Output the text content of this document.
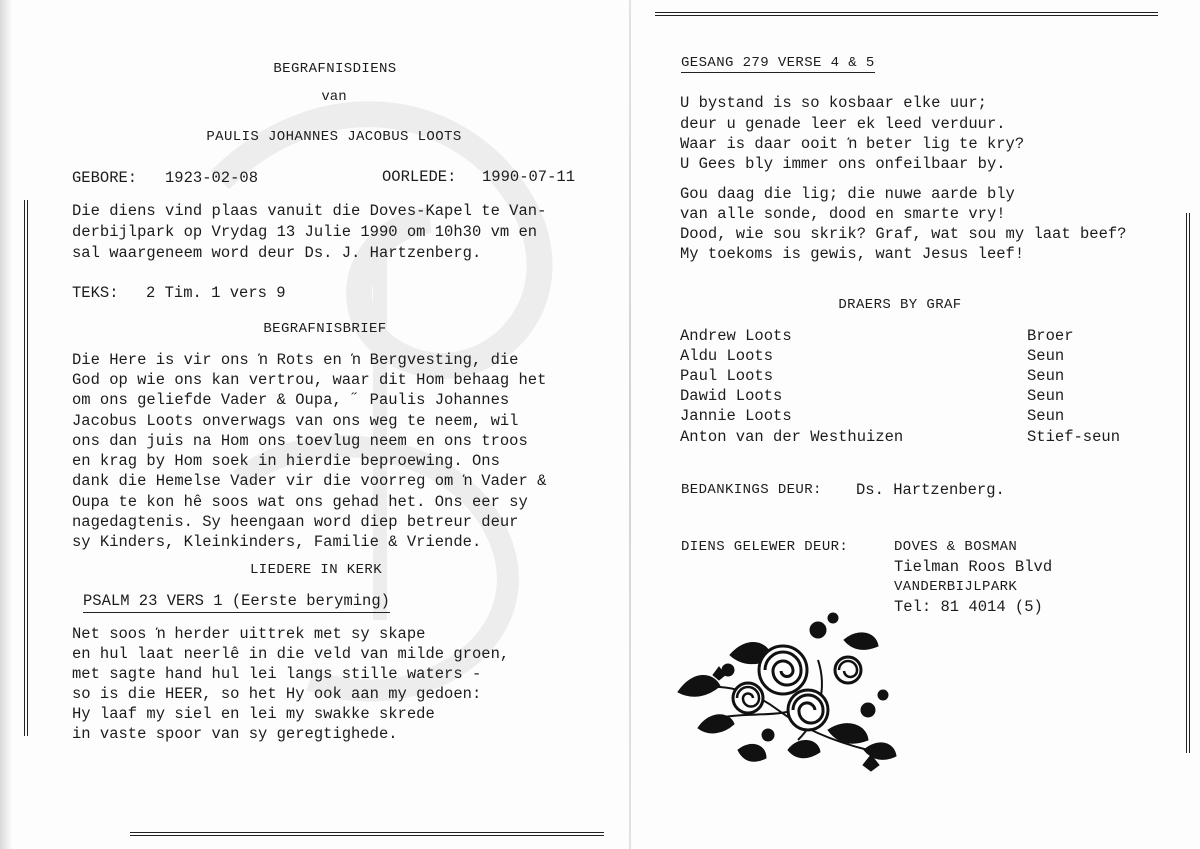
BEGRAFNISDIENS
van
PAULIS JOHANNES JACOBUS LOOTS
GEBORE: 1923-02-08	OORLEDE: 1990-07-11
Die diens vind plaas vanuit die Doves-Kapel te Van-
derbijlpark op Vrydag 13 Julie 1990 om 10h30 vm en
sal waargeneem word deur Ds. J. Hartzenberg.
TEKS: 2 Tim. 1 vers 9
BEGRAFNISBRIEF
Die Here is vir ons ŉ Rots en ŉ Bergvesting, die
God op wie ons kan vertrou, waar dit Hom behaag het
om ons geliefde Vader & Oupa, ˝ Paulis Johannes
Jacobus Loots onverwags van ons weg te neem, wil
ons dan juis na Hom ons toevlug neem en ons troos
en krag by Hom soek in hierdie beproewing. Ons
dank die Hemelse Vader vir die voorreg om ŉ Vader &
Oupa te kon hê soos wat ons gehad het. Ons eer sy
nagedagtenis. Sy heengaan word diep betreur deur
sy Kinders, Kleinkinders, Familie & Vriende.
LIEDERE IN KERK
PSALM 23 VERS 1 (Eerste beryming)
Net soos ŉ herder uittrek met sy skape
en hul laat neerlê in die veld van milde groen,
met sagte hand hul lei langs stille waters -
so is die HEER, so het Hy ook aan my gedoen:
Hy laaf my siel en lei my swakke skrede
in vaste spoor van sy geregtighede.
GESANG 279 VERSE 4 & 5
U bystand is so kosbaar elke uur;
deur u genade leer ek leed verduur.
Waar is daar ooit ŉ beter lig te kry?
U Gees bly immer ons onfeilbaar by.
Gou daag die lig; die nuwe aarde bly
van alle sonde, dood en smarte vry!
Dood, wie sou skrik? Graf, wat sou my laat beef?
My toekoms is gewis, want Jesus leef!
DRAERS BY GRAF
Andrew Loots	Broer
Aldu Loots	Seun
Paul Loots	Seun
Dawid Loots	Seun
Jannie Loots	Seun
Anton van der Westhuizen	Stief-seun
BEDANKINGS DEUR: Ds. Hartzenberg.
DIENS GELEWER DEUR:	DOVES & BOSMAN
Tielman Roos Blvd
VANDERBIJLPARK
Tel: 81 4014 (5)
